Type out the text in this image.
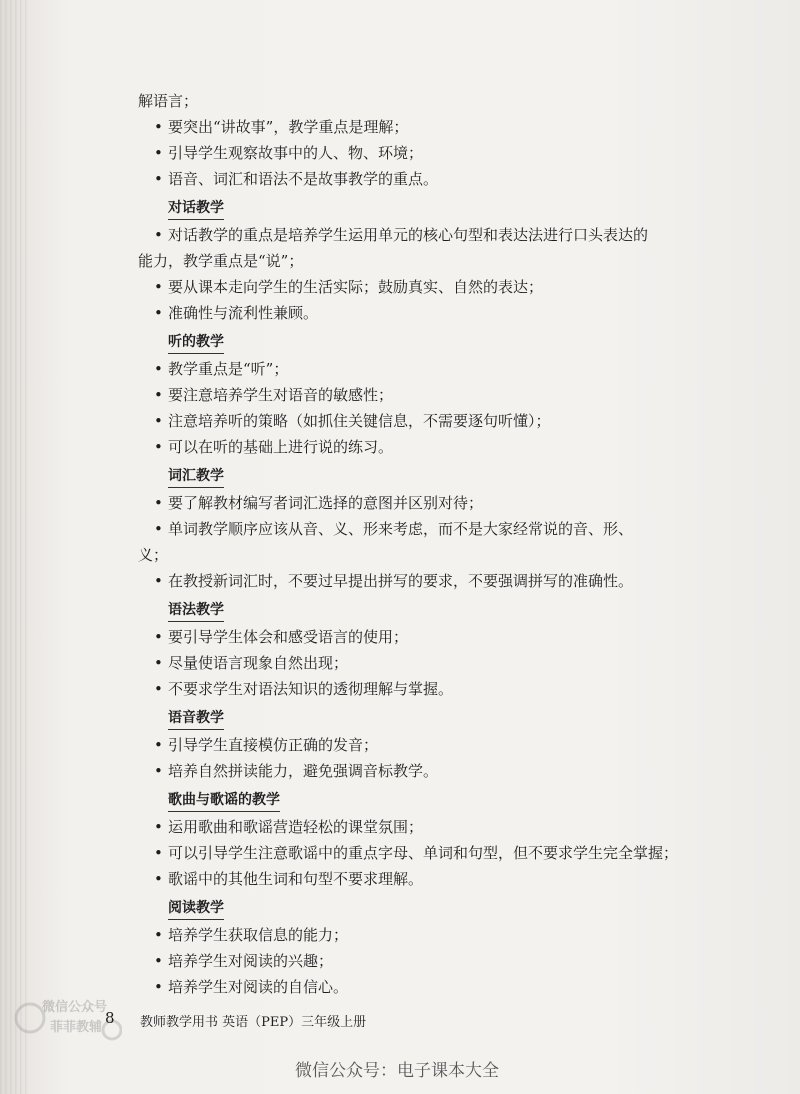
解语言；

• 要突出“讲故事”，教学重点是理解；

• 引导学生观察故事中的人、物、环境；

• 语音、词汇和语法不是故事教学的重点。

对话教学

• 对话教学的重点是培养学生运用单元的核心句型和表达法进行口头表达的
能力，教学重点是“说”；

• 要从课本走向学生的生活实际；鼓励真实、自然的表达；

• 准确性与流利性兼顾。

听的教学

• 教学重点是“听”；

• 要注意培养学生对语音的敏感性；

• 注意培养听的策略（如抓住关键信息，不需要逐句听懂）；

• 可以在听的基础上进行说的练习。

词汇教学

• 要了解教材编写者词汇选择的意图并区别对待；

• 单词教学顺序应该从音、义、形来考虑，而不是大家经常说的音、形、
义；

• 在教授新词汇时，不要过早提出拼写的要求，不要强调拼写的准确性。

语法教学

• 要引导学生体会和感受语言的使用；

• 尽量使语言现象自然出现；

• 不要求学生对语法知识的透彻理解与掌握。

语音教学

• 引导学生直接模仿正确的发音；

• 培养自然拼读能力，避免强调音标教学。

歌曲与歌谣的教学

• 运用歌曲和歌谣营造轻松的课堂氛围；

• 可以引导学生注意歌谣中的重点字母、单词和句型，但不要求学生完全掌握；

• 歌谣中的其他生词和句型不要求理解。

阅读教学

• 培养学生获取信息的能力；

• 培养学生对阅读的兴趣；

• 培养学生对阅读的自信心。

微信公众号
菲菲教辅
8 教师教学用书 英语（PEP）三年级上册
微信公众号：电子课本大全
